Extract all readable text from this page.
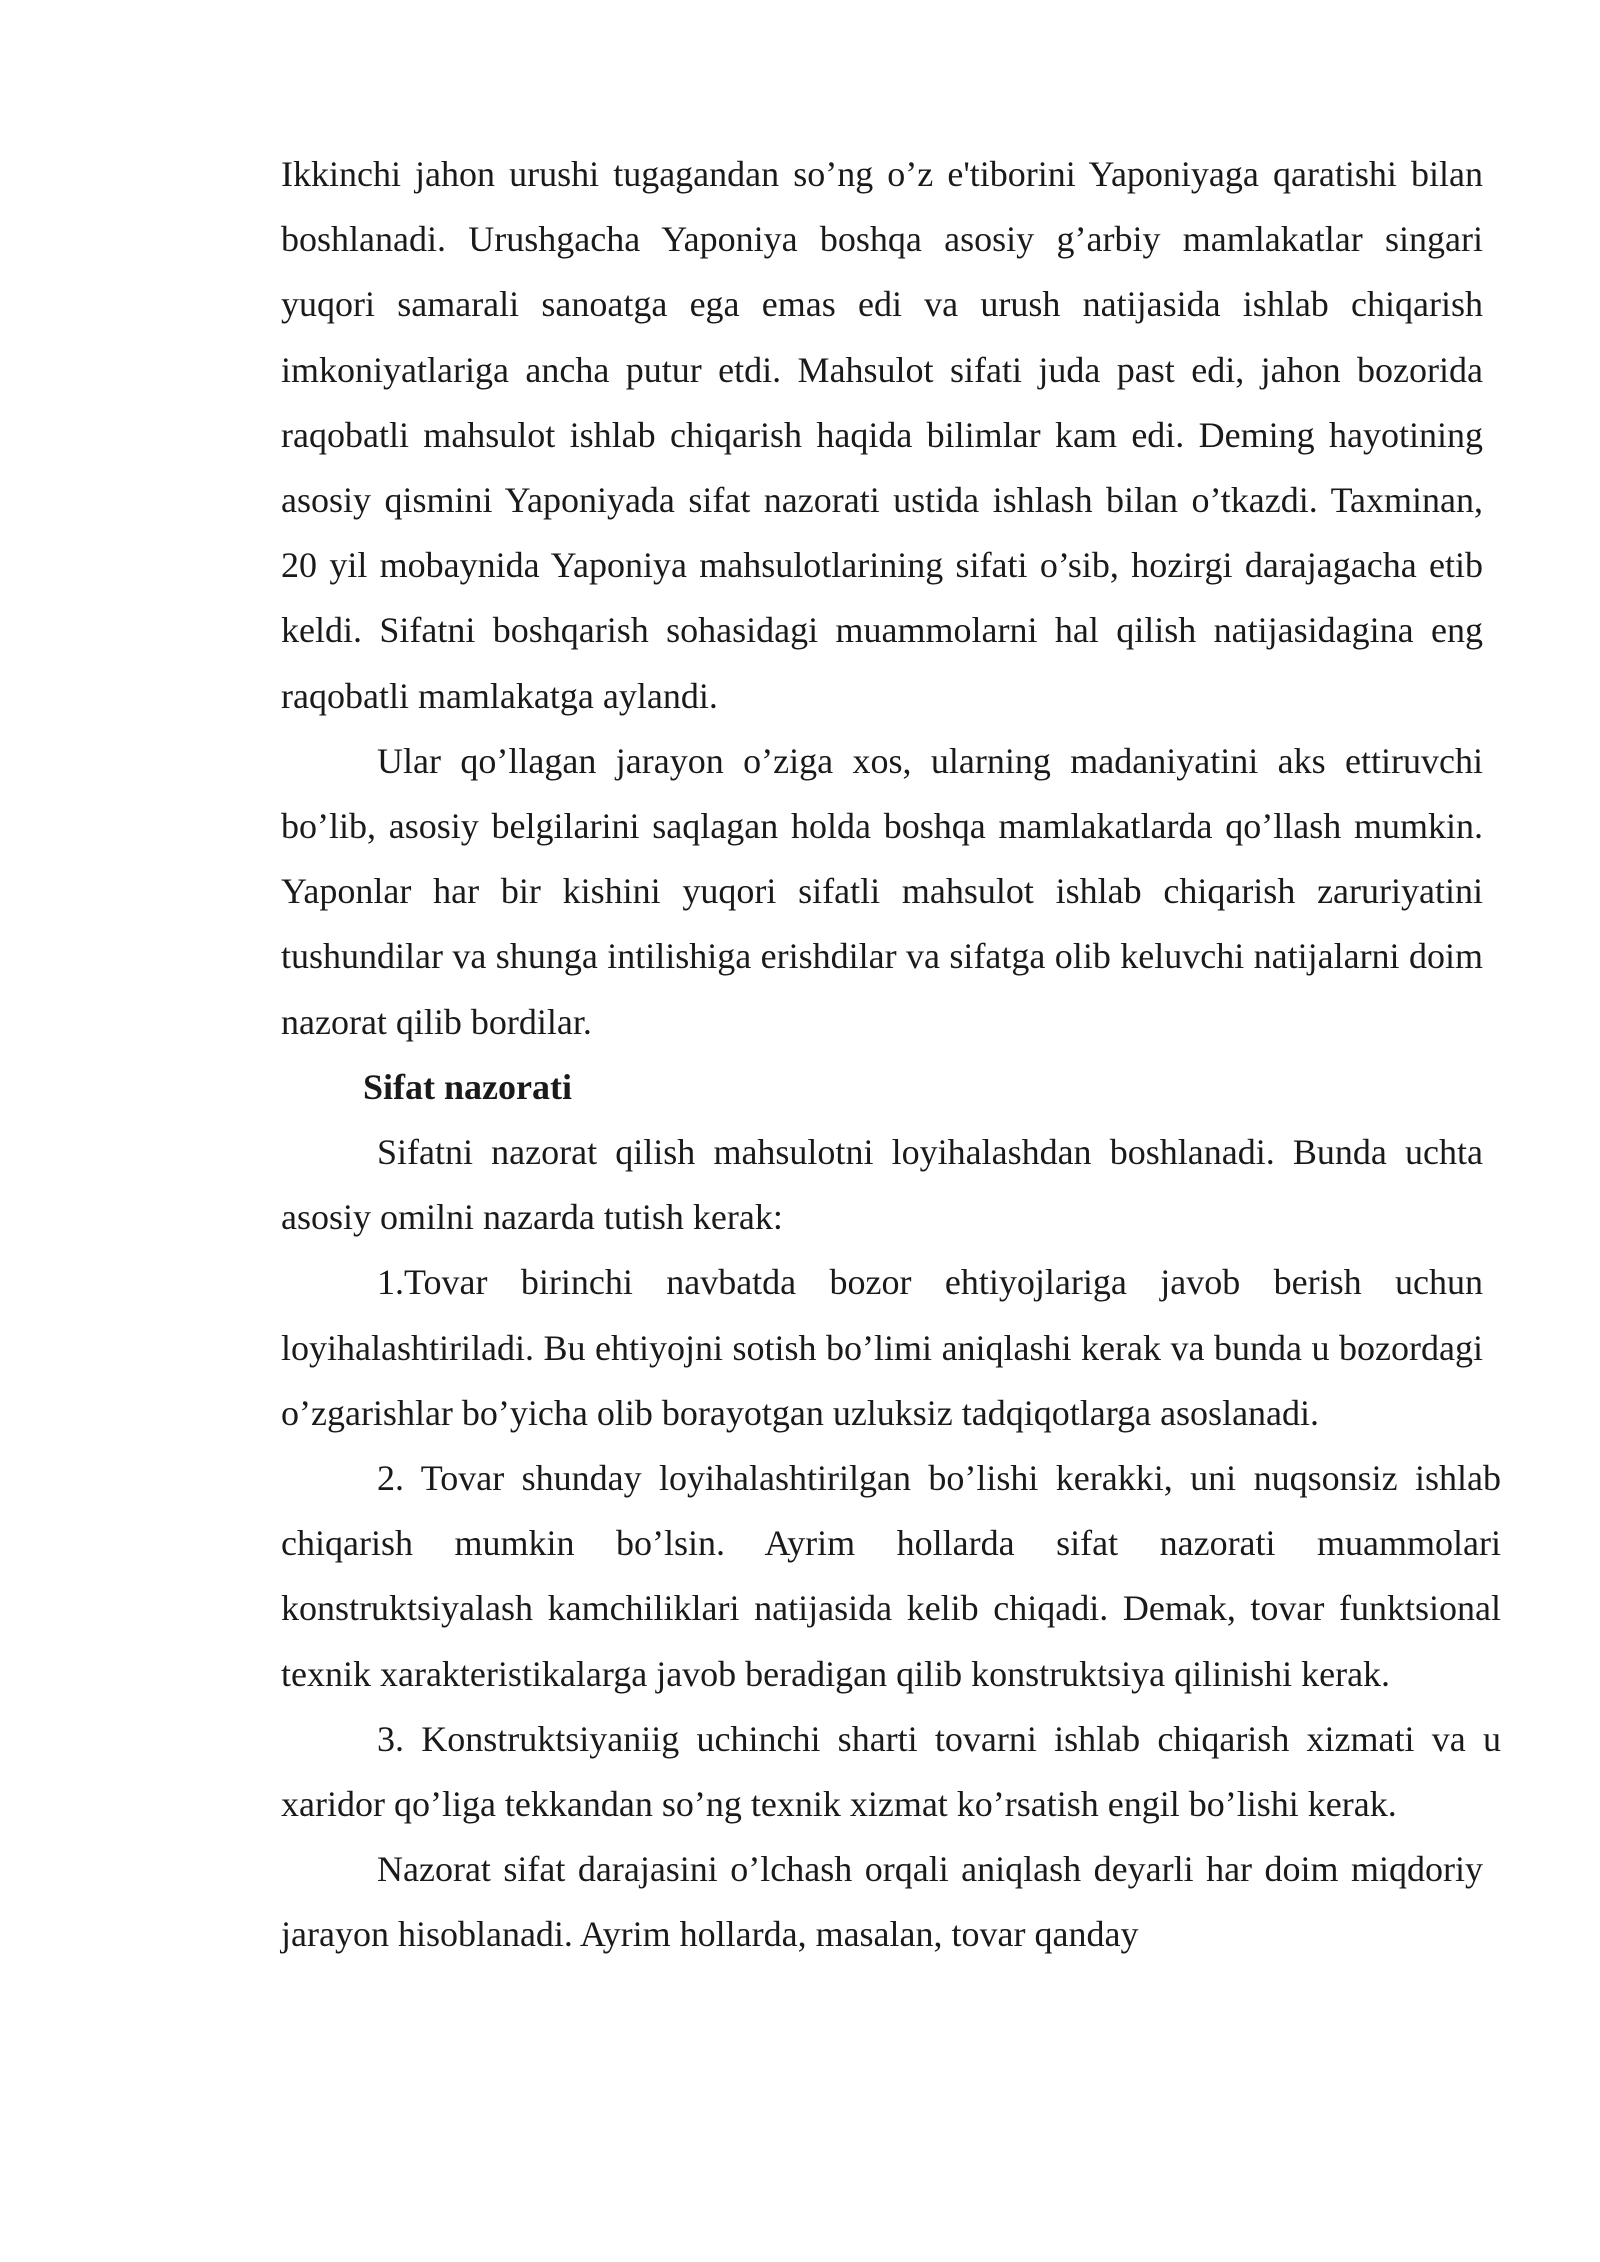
Ikkinchi jahon urushi tugagandan so’ng o’z e'tiborini Yaponiyaga qaratishi bilan boshlanadi. Urushgacha Yaponiya boshqa asosiy g’arbiy mamlakatlar singari yuqori samarali sanoatga ega emas edi va urush natijasida ishlab chiqarish imkoniyatlariga ancha putur etdi. Mahsulot sifati juda past edi, jahon bozorida raqobatli mahsulot ishlab chiqarish haqida bilimlar kam edi. Deming hayotining asosiy qismini Yaponiyada sifat nazorati ustida ishlash bilan o’tkazdi. Taxminan, 20 yil mobaynida Yaponiya mahsulotlarining sifati o’sib, hozirgi darajagacha etib keldi. Sifatni boshqarish sohasidagi muammolarni hal qilish natijasidagina eng raqobatli mamlakatga aylandi.

Ular qo’llagan jarayon o’ziga xos, ularning madaniyatini aks ettiruvchi bo’lib, asosiy belgilarini saqlagan holda boshqa mamlakatlarda qo’llash mumkin. Yaponlar har bir kishini yuqori sifatli mahsulot ishlab chiqarish zaruriyatini tushundilar va shunga intilishiga erishdilar va sifatga olib keluvchi natijalarni doim nazorat qilib bordilar.

Sifat nazorati

Sifatni nazorat qilish mahsulotni loyihalashdan boshlanadi. Bunda uchta asosiy omilni nazarda tutish kerak:

1.Tovar birinchi navbatda bozor ehtiyojlariga javob berish uchun loyihalashtiriladi. Bu ehtiyojni sotish bo’limi aniqlashi kerak va bunda u bozordagi o’zgarishlar bo’yicha olib borayotgan uzluksiz tadqiqotlarga asoslanadi.

2. Tovar shunday loyihalashtirilgan bo’lishi kerakki, uni nuqsonsiz ishlab chiqarish mumkin bo’lsin. Ayrim hollarda sifat nazorati muammolari konstruktsiyalash kamchiliklari natijasida kelib chiqadi. Demak, tovar funktsional texnik xarakteristikalarga javob beradigan qilib konstruktsiya qilinishi kerak.

3. Konstruktsiyaniig uchinchi sharti tovarni ishlab chiqarish xizmati va u xaridor qo’liga tekkandan so’ng texnik xizmat ko’rsatish engil bo’lishi kerak.

Nazorat sifat darajasini o’lchash orqali aniqlash deyarli har doim miqdoriy jarayon hisoblanadi. Ayrim hollarda, masalan, tovar qanday
